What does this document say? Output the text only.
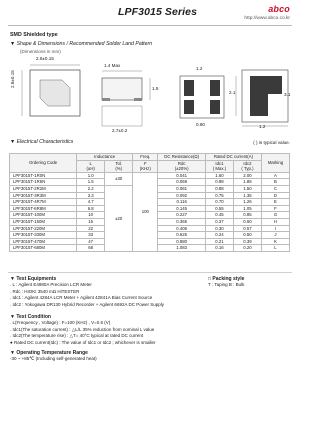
LPF3015 Series	abco
http://www.abco.co.kr
SMD Shielded type
▼ Shape & Dimensions / Recommended Solder Land Pattern
(Dimensions in mm)
2.8±0.15
1.4 Max
2.8±0.15
1.5
2.7±0.2
1.2
2.1	3.1
1.2
0.80
▼ Electrical Characteristics	( ) is typical value.
Ordering Code	Inductance		Freq.	DC Resistance(Ω)	Rated DC current(A)		Marking
	L
(uH)	Tol.
(%)	F
(KHz)	Rdc
(±20%)	Idc1
( Max.)	Idc2
( Typ.)	
LPF3015T-1R0N	1.0	±30	100	0.041	1.60	2.00	A
LPF3015T-1R5N	1.5			0.059	0.98	1.85	B
LPF3015T-2R2M	2.2	±20		0.081	0.88	1.50	C
LPF3015T-3R3M	3.3			0.092	0.75	1.35	D
LPF3015T-4R7M	4.7			0.116	0.70	1.26	E
LPF3015T-6R8M	6.8			0.145	0.55	1.05	F
LPF3015T-100M	10			0.227	0.45	0.85	G
LPF3015T-150M	15			0.365	0.37	0.60	H
LPF3015T-220M	22			0.406	0.30	0.57	I
LPF3015T-330M	33			0.625	0.24	0.50	J
LPF3015T-470M	47			0.880	0.21	0.39	K
LPF3015T-680M	68			1.083	0.16	0.20	L
▼ Test Equipments
. L : Agilent E4980A Precision LCR Meter
. Rdc : HIOKI 3540 mΩ HiTESTER
. Idc1 : Agilent 4284A LCR Meter + Agilent 42841A Bias Current Source
. Idc2 : Yokogawa DR130 Hybrid Recorder + Agilent 6692A DC Power Supply
□ Packing style
T : Taping B : Bulk
▼ Test Condition
. L(Frequency , Voltage) : F=100 (KHz) , V=0.5 (V)
. Idc1(The saturation current) : △L/L 35% reduction from nominal L value
. Idc2(The temperature rise) : △T= 40°C typical at rated DC current
● Rated DC current(Idc) : The value of Idc1 or Idc2 ; whichever is smaller
▼ Operating Temperature Range
-30 ~ +85℃ (Including self-generated heat)
